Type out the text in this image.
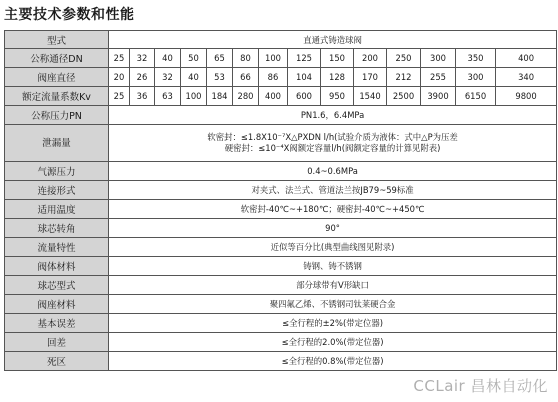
主要技术参数和性能
型式	直通式铸造球阀													
公称通径DN	25	32	40	50	65	80	100	125	150	200	250	300	350	400
阀座直径	20	26	32	40	53	66	86	104	128	170	212	255	300	340
额定流量系数Kv	25	36	63	100	184	280	400	600	950	1540	2500	3900	6150	9800
公称压力PN	PN1.6，6.4MPa													
泄漏量	软密封：≤1.8X10⁻⁷X△PXDN l/h(试验介质为液体：式中△P为压差
硬密封：≤10⁻⁴X阀额定容量l/h(阀额定容量的计算见附表)													

气源压力	0.4~0.6MPa													
连接形式	对夹式、法兰式、管道法兰按JB79~59标准													
适用温度	软密封-40℃~+180℃；硬密封-40℃~+450℃													
球芯转角	90°													
流量特性	近似等百分比(典型曲线图见附录)													
阀体材料	铸钢、铸不锈钢													
球芯型式	部分球带有V形缺口													
阀座材料	聚四氟乙烯、不锈钢司钛莱硬合金													
基本误差	≤全行程的±2%(带定位器)													
回差	≤全行程的2.0%(带定位器)													
死区	≤全行程的0.8%(带定位器)													
CCLair 昌林自动化
